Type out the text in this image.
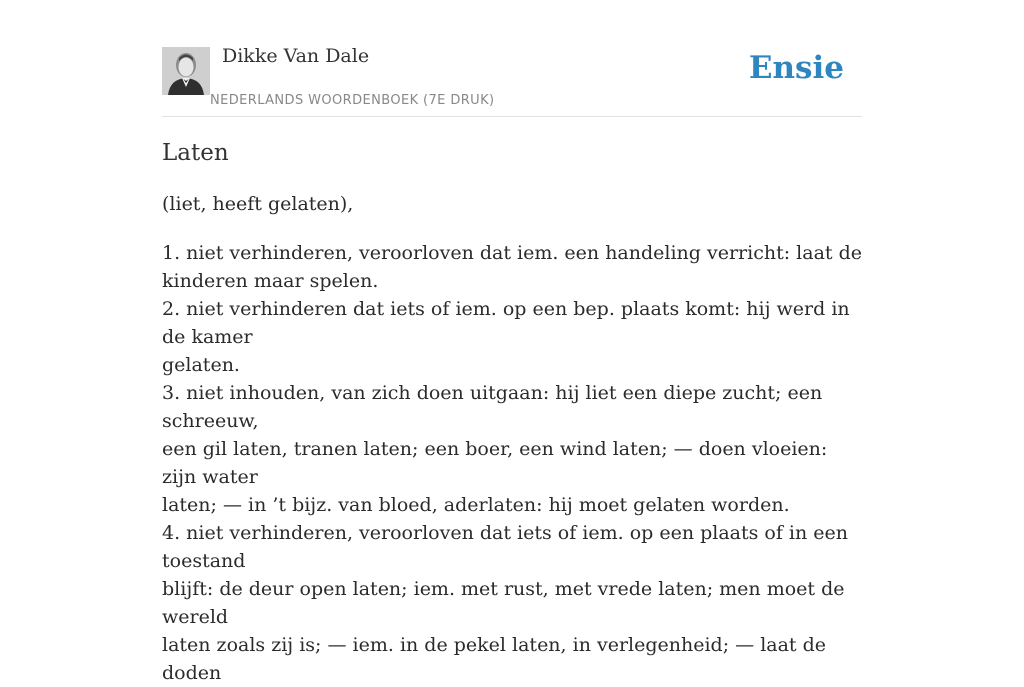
Dikke Van Dale
NEDERLANDS WOORDENBOEK (7E DRUK)
Ensie
Laten

(liet, heeft gelaten),

1. niet verhinderen, veroorloven dat iem. een handeling verricht: laat de
kinderen maar spelen.
2. niet verhinderen dat iets of iem. op een bep. plaats komt: hij werd in de kamer
gelaten.
3. niet inhouden, van zich doen uitgaan: hij liet een diepe zucht; een schreeuw,
een gil laten, tranen laten; een boer, een wind laten; — doen vloeien: zijn water
laten; — in ’t bijz. van bloed, aderlaten: hij moet gelaten worden.
4. niet verhinderen, veroorloven dat iets of iem. op een plaats of in een toestand
blijft: de deur open laten; iem. met rust, met vrede laten; men moet de wereld
laten zoals zij is; — iem. in de pekel laten, in verlegenheid; — laat de doden
